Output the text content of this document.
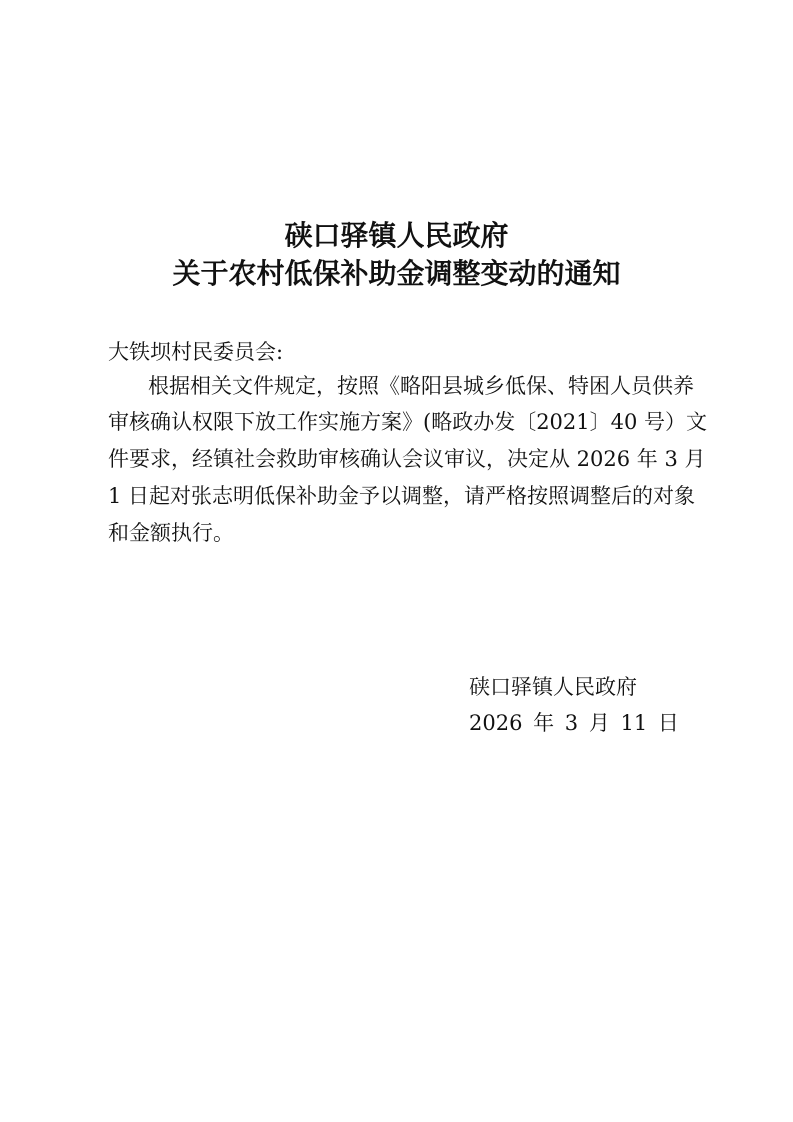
硖口驿镇人民政府
关于农村低保补助金调整变动的通知
大铁坝村民委员会:
根据相关文件规定，按照《略阳县城乡低保、特困人员供养
审核确认权限下放工作实施方案》(略政办发〔2021〕40 号）文
件要求，经镇社会救助审核确认会议审议，决定从 2026 年 3 月
1 日起对张志明低保补助金予以调整，请严格按照调整后的对象
和金额执行。
硖口驿镇人民政府
2026 年 3 月 11 日
